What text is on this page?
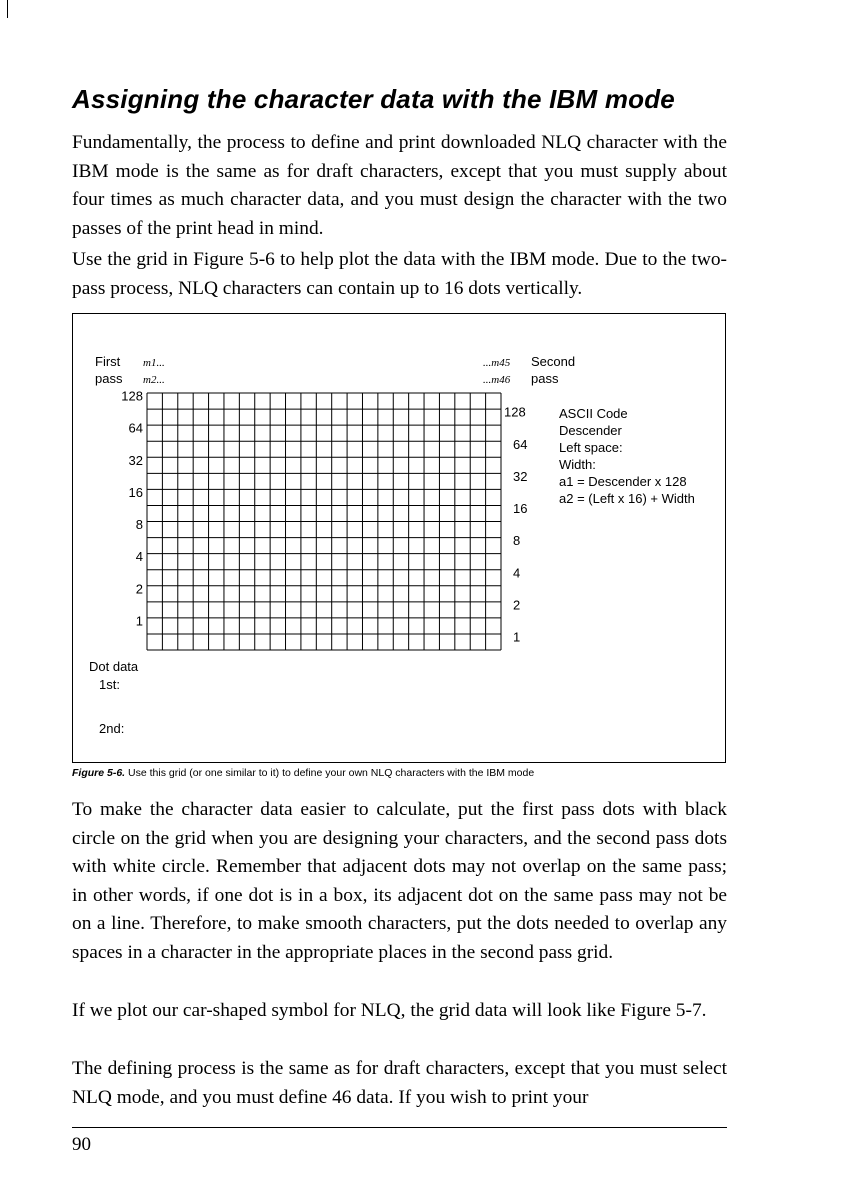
Assigning the character data with the IBM mode

Fundamentally, the process to define and print downloaded NLQ character with the IBM mode is the same as for draft characters, except that you must supply about four times as much character data, and you must design the character with the two passes of the print head in mind.

Use the grid in Figure 5-6 to help plot the data with the IBM mode. Due to the two-pass process, NLQ characters can contain up to 16 dots vertically.

First
pass
m1...
m2...
...m45
...m46
Second
pass
128
64
32
16
8
4
2
1
128
64
32
16
8
4
2
1
ASCII Code
Descender
Left space:
Width:
a1 = Descender x 128
a2 = (Left x 16) + Width
Dot data
1st:
2nd:

Figure 5-6. Use this grid (or one similar to it) to define your own NLQ characters with the IBM mode

To make the character data easier to calculate, put the first pass dots with black circle on the grid when you are designing your characters, and the second pass dots with white circle. Remember that adjacent dots may not overlap on the same pass; in other words, if one dot is in a box, its adjacent dot on the same pass may not be on a line. Therefore, to make smooth characters, put the dots needed to overlap any spaces in a character in the appropriate places in the second pass grid.

If we plot our car-shaped symbol for NLQ, the grid data will look like Figure 5-7.

The defining process is the same as for draft characters, except that you must select NLQ mode, and you must define 46 data. If you wish to print your

90
